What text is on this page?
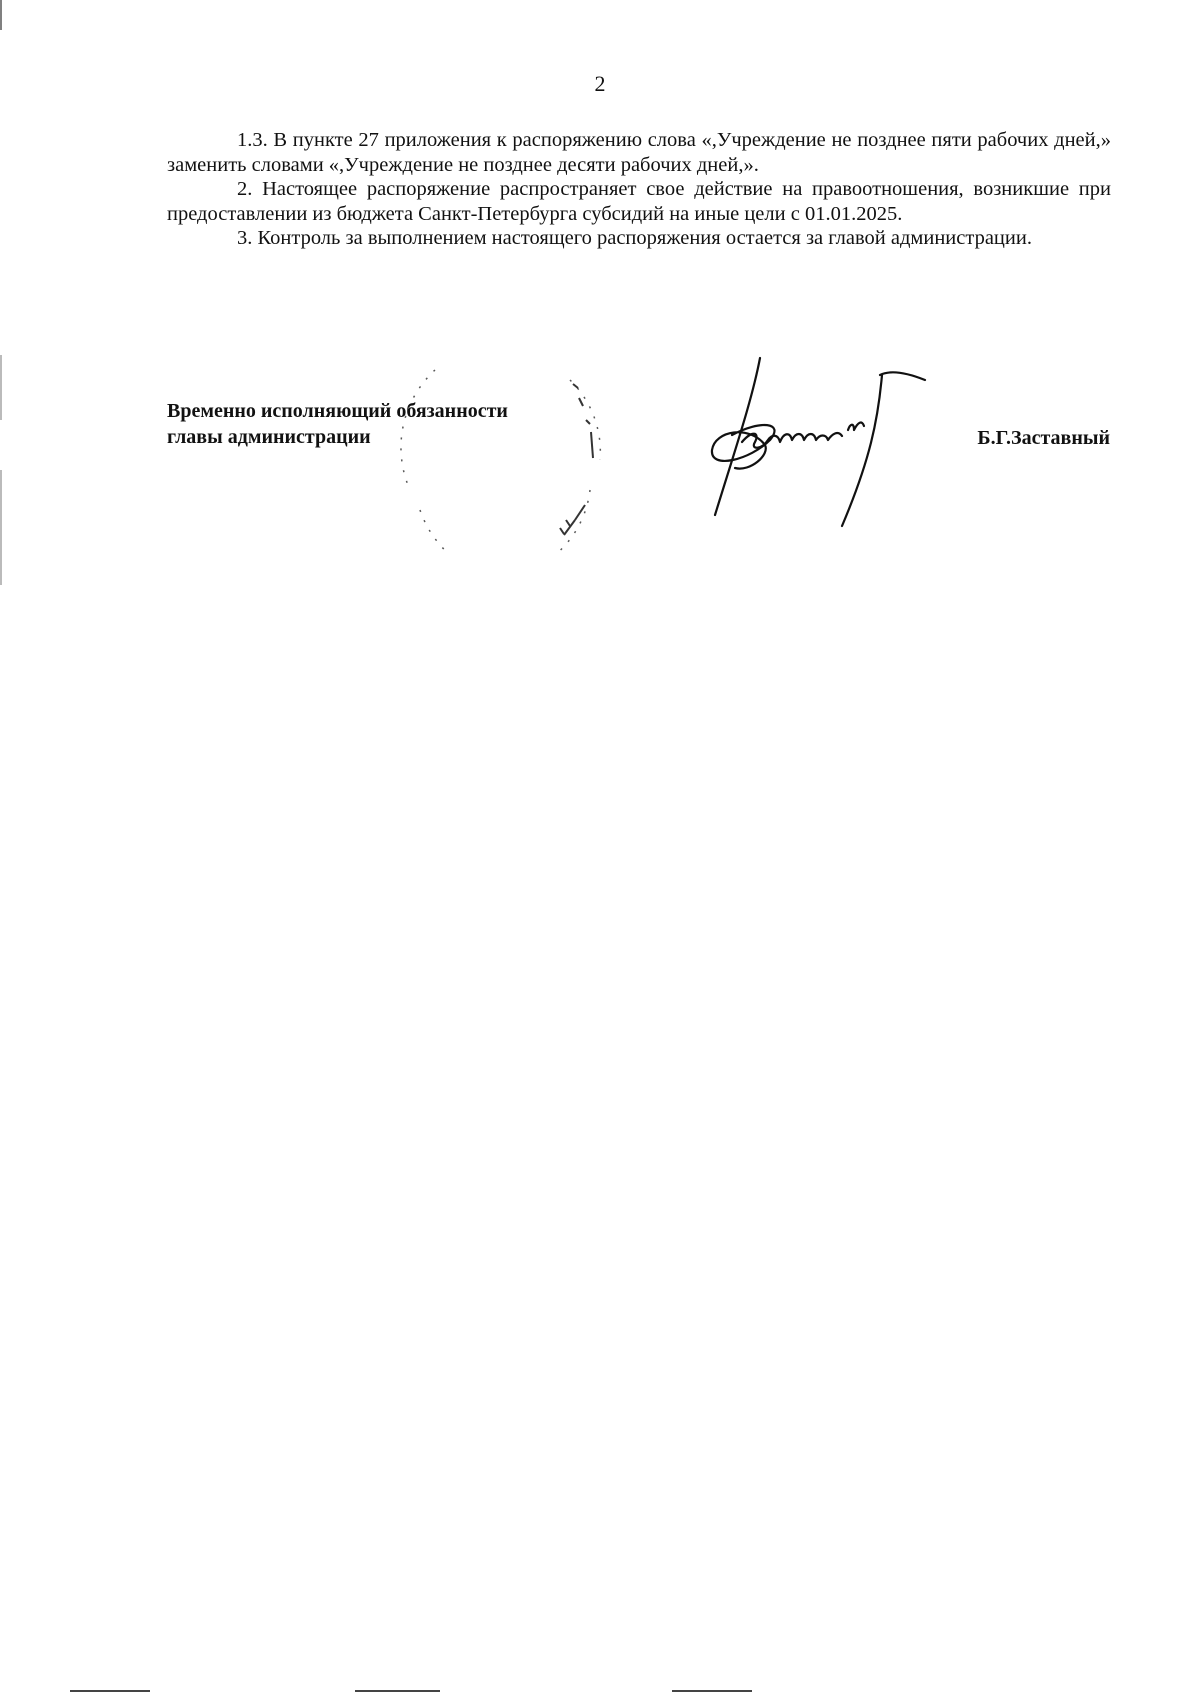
2

1.3. В пункте 27 приложения к распоряжению слова «,Учреждение не позднее пяти рабочих дней,» заменить словами «,Учреждение не позднее десяти рабочих дней,».

2. Настоящее распоряжение распространяет свое действие на правоотношения, возникшие при предоставлении из бюджета Санкт-Петербурга субсидий на иные цели с 01.01.2025.

3. Контроль за выполнением настоящего распоряжения остается за главой администрации.

Временно исполняющий обязанности
главы администрации	Б.Г.Заставный
